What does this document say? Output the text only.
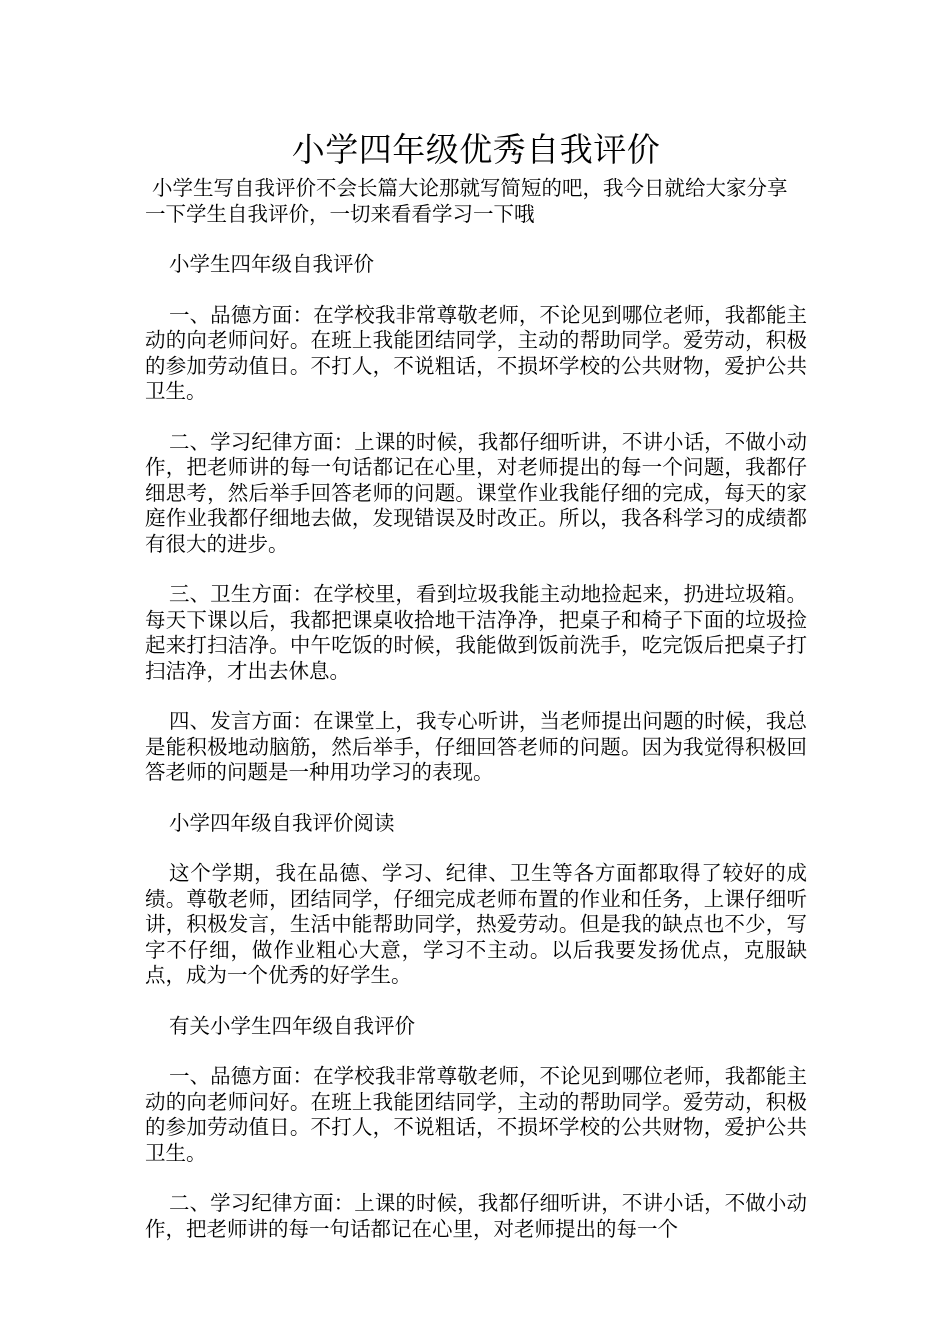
小学四年级优秀自我评价

小学生写自我评价不会长篇大论那就写简短的吧，我今日就给大家分享一下学生自我评价，一切来看看学习一下哦

小学生四年级自我评价

一、品德方面：在学校我非常尊敬老师，不论见到哪位老师，我都能主动的向老师问好。在班上我能团结同学，主动的帮助同学。爱劳动，积极的参加劳动值日。不打人，不说粗话，不损坏学校的公共财物，爱护公共卫生。

二、学习纪律方面：上课的时候，我都仔细听讲，不讲小话，不做小动作，把老师讲的每一句话都记在心里，对老师提出的每一个问题，我都仔细思考，然后举手回答老师的问题。课堂作业我能仔细的完成，每天的家庭作业我都仔细地去做，发现错误及时改正。所以，我各科学习的成绩都有很大的进步。

三、卫生方面：在学校里，看到垃圾我能主动地捡起来，扔进垃圾箱。每天下课以后，我都把课桌收拾地干洁净净，把桌子和椅子下面的垃圾捡起来打扫洁净。中午吃饭的时候，我能做到饭前洗手，吃完饭后把桌子打扫洁净，才出去休息。

四、发言方面：在课堂上，我专心听讲，当老师提出问题的时候，我总是能积极地动脑筋，然后举手，仔细回答老师的问题。因为我觉得积极回答老师的问题是一种用功学习的表现。

小学四年级自我评价阅读

这个学期，我在品德、学习、纪律、卫生等各方面都取得了较好的成绩。尊敬老师，团结同学，仔细完成老师布置的作业和任务，上课仔细听讲，积极发言，生活中能帮助同学，热爱劳动。但是我的缺点也不少，写字不仔细，做作业粗心大意，学习不主动。以后我要发扬优点，克服缺点，成为一个优秀的好学生。

有关小学生四年级自我评价

一、品德方面：在学校我非常尊敬老师，不论见到哪位老师，我都能主动的向老师问好。在班上我能团结同学，主动的帮助同学。爱劳动，积极的参加劳动值日。不打人，不说粗话，不损坏学校的公共财物，爱护公共卫生。

二、学习纪律方面：上课的时候，我都仔细听讲，不讲小话，不做小动作，把老师讲的每一句话都记在心里，对老师提出的每一个
